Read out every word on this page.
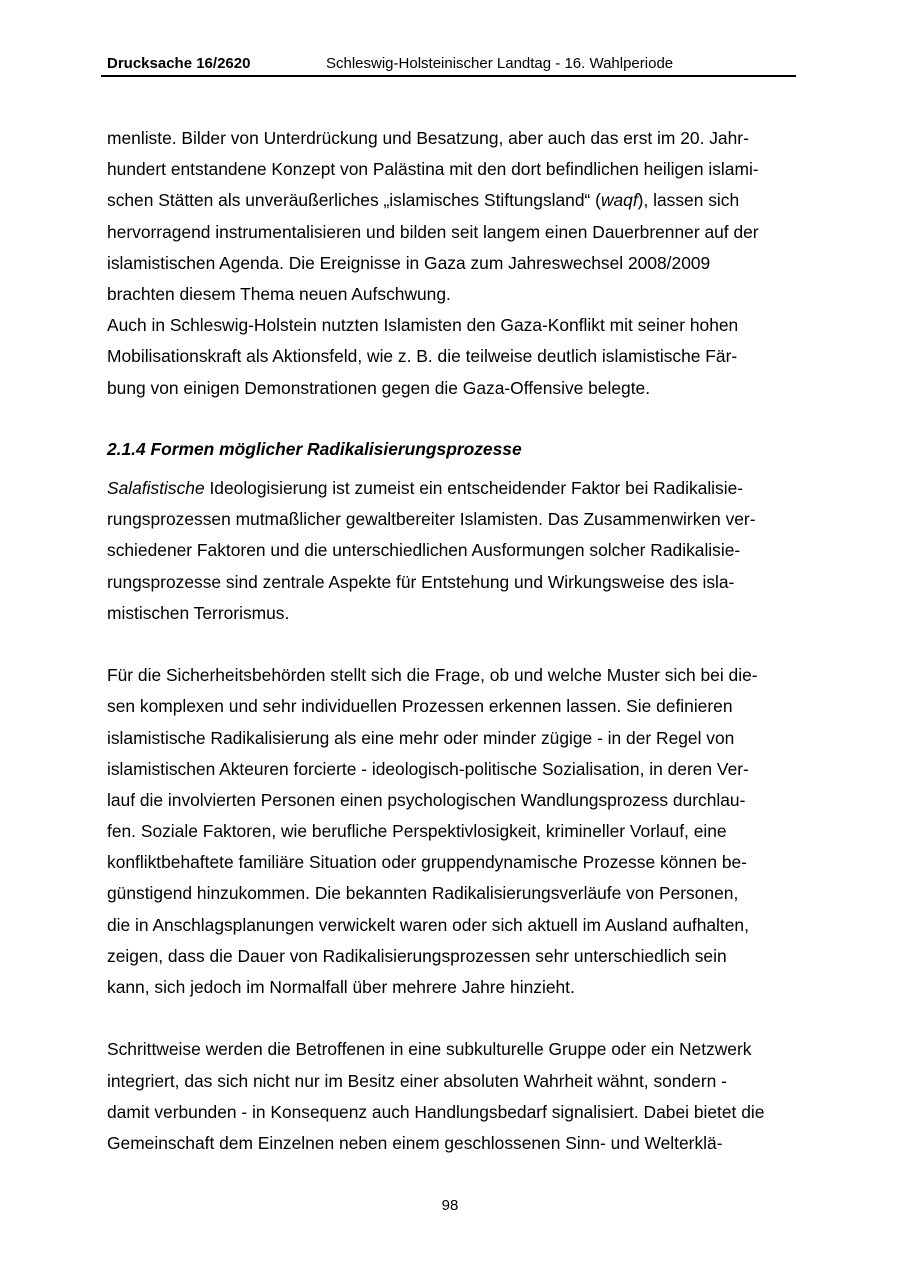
Drucksache 16/2620	Schleswig-Holsteinischer Landtag - 16. Wahlperiode
menliste. Bilder von Unterdrückung und Besatzung, aber auch das erst im 20. Jahr-
hundert entstandene Konzept von Palästina mit den dort befindlichen heiligen islami-
schen Stätten als unveräußerliches „islamisches Stiftungsland“ (waqf), lassen sich
hervorragend instrumentalisieren und bilden seit langem einen Dauerbrenner auf der
islamistischen Agenda. Die Ereignisse in Gaza zum Jahreswechsel 2008/2009
brachten diesem Thema neuen Aufschwung.
Auch in Schleswig-Holstein nutzten Islamisten den Gaza-Konflikt mit seiner hohen
Mobilisationskraft als Aktionsfeld, wie z. B. die teilweise deutlich islamistische Fär-
bung von einigen Demonstrationen gegen die Gaza-Offensive belegte.
2.1.4 Formen möglicher Radikalisierungsprozesse
Salafistische Ideologisierung ist zumeist ein entscheidender Faktor bei Radikalisie-
rungsprozessen mutmaßlicher gewaltbereiter Islamisten. Das Zusammenwirken ver-
schiedener Faktoren und die unterschiedlichen Ausformungen solcher Radikalisie-
rungsprozesse sind zentrale Aspekte für Entstehung und Wirkungsweise des isla-
mistischen Terrorismus.
Für die Sicherheitsbehörden stellt sich die Frage, ob und welche Muster sich bei die-
sen komplexen und sehr individuellen Prozessen erkennen lassen. Sie definieren
islamistische Radikalisierung als eine mehr oder minder zügige - in der Regel von
islamistischen Akteuren forcierte - ideologisch-politische Sozialisation, in deren Ver-
lauf die involvierten Personen einen psychologischen Wandlungsprozess durchlau-
fen. Soziale Faktoren, wie berufliche Perspektivlosigkeit, krimineller Vorlauf, eine
konfliktbehaftete familiäre Situation oder gruppendynamische Prozesse können be-
günstigend hinzukommen. Die bekannten Radikalisierungsverläufe von Personen,
die in Anschlagsplanungen verwickelt waren oder sich aktuell im Ausland aufhalten,
zeigen, dass die Dauer von Radikalisierungsprozessen sehr unterschiedlich sein
kann, sich jedoch im Normalfall über mehrere Jahre hinzieht.
Schrittweise werden die Betroffenen in eine subkulturelle Gruppe oder ein Netzwerk
integriert, das sich nicht nur im Besitz einer absoluten Wahrheit wähnt, sondern -
damit verbunden - in Konsequenz auch Handlungsbedarf signalisiert. Dabei bietet die
Gemeinschaft dem Einzelnen neben einem geschlossenen Sinn- und Welterklä-
98
